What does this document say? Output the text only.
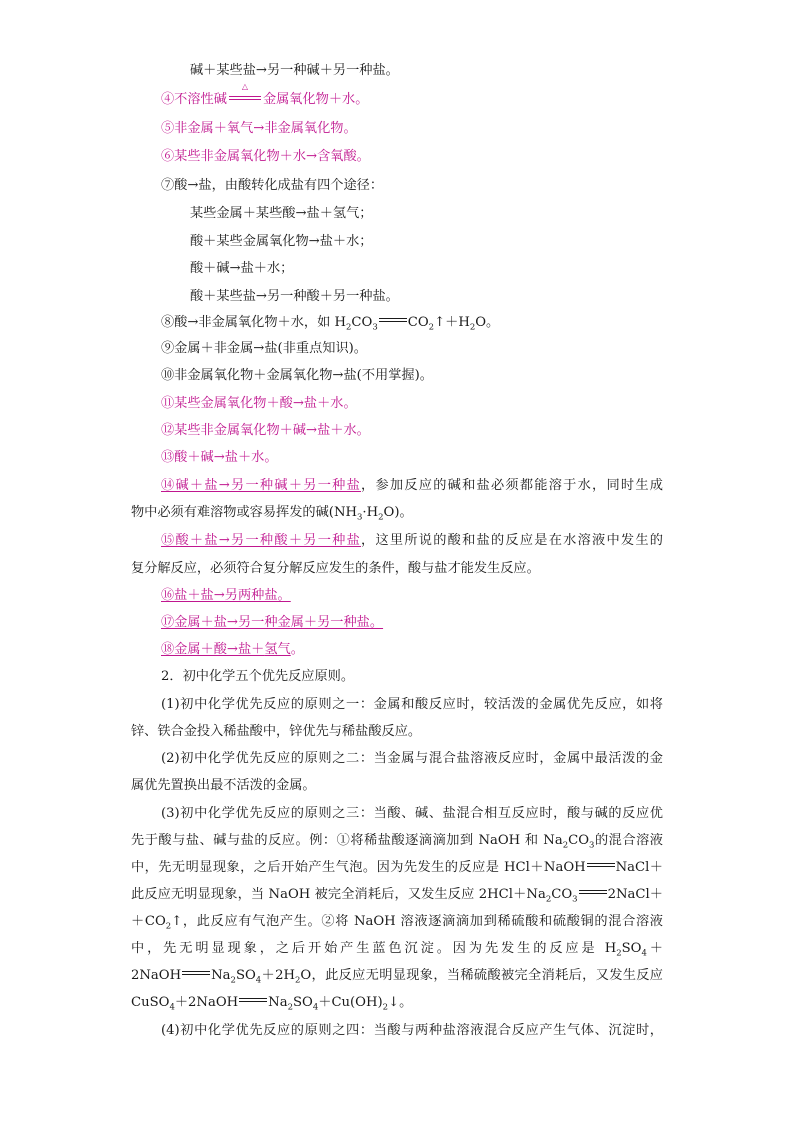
碱＋某些盐→另一种碱＋另一种盐。
④不溶性碱
△
金属氧化物＋水。
⑤非金属＋氧气→非金属氧化物。
⑥某些非金属氧化物＋水→含氧酸。
⑦酸→盐，由酸转化成盐有四个途径：
某些金属＋某些酸→盐＋氢气；
酸＋某些金属氧化物→盐＋水；
酸＋碱→盐＋水；
酸＋某些盐→另一种酸＋另一种盐。
⑧酸→非金属氧化物＋水，如 $H_2CO_3$ $CO_2↑+H_2O$。
⑨金属＋非金属→盐(非重点知识)。
⑩非金属氧化物＋金属氧化物→盐(不用掌握)。
⑪某些金属氧化物＋酸→盐＋水。
⑫某些非金属氧化物＋碱→盐＋水。
⑬酸＋碱→盐＋水。
⑭碱＋盐→另一种碱＋另一种盐，参加反应的碱和盐必须都能溶于水，同时生成
物中必须有难溶物或容易挥发的碱$(NH_3\cdot H_2O)$。
⑮酸＋盐→另一种酸＋另一种盐，这里所说的酸和盐的反应是在水溶液中发生的
复分解反应，必须符合复分解反应发生的条件，酸与盐才能发生反应。
⑯盐＋盐→另两种盐。
⑰金属＋盐→另一种金属＋另一种盐。
⑱金属＋酸→盐＋氢气。
2．初中化学五个优先反应原则。
(1)初中化学优先反应的原则之一：金属和酸反应时，较活泼的金属优先反应，如将
锌、铁合金投入稀盐酸中，锌优先与稀盐酸反应。
(2)初中化学优先反应的原则之二：当金属与混合盐溶液反应时，金属中最活泼的金
属优先置换出最不活泼的金属。
(3)初中化学优先反应的原则之三：当酸、碱、盐混合相互反应时，酸与碱的反应优
先于酸与盐、碱与盐的反应。例：①将稀盐酸逐滴滴加到 NaOH 和 $Na_2CO_3$的混合溶液
中，先无明显现象，之后开始产生气泡。因为先发生的反应是 HCl＋NaOH NaCl＋
此反应无明显现象，当 NaOH 被完全消耗后，又发生反应 $2HCl+Na_2CO_3$ 2NaCl＋
$+CO_2↑$，此反应有气泡产生。②将 NaOH 溶液逐滴滴加到稀硫酸和硫酸铜的混合溶液
中，先无明显现象，之后开始产生蓝色沉淀。因为先发生的反应是 $H_2SO_4+$
2NaOH $Na_2SO_4+2H_2O$，此反应无明显现象，当稀硫酸被完全消耗后，又发生反应
CuSO$_4$＋2NaOH $Na_2SO_4+Cu(OH)_2↓$。
(4)初中化学优先反应的原则之四：当酸与两种盐溶液混合反应产生气体、沉淀时，
